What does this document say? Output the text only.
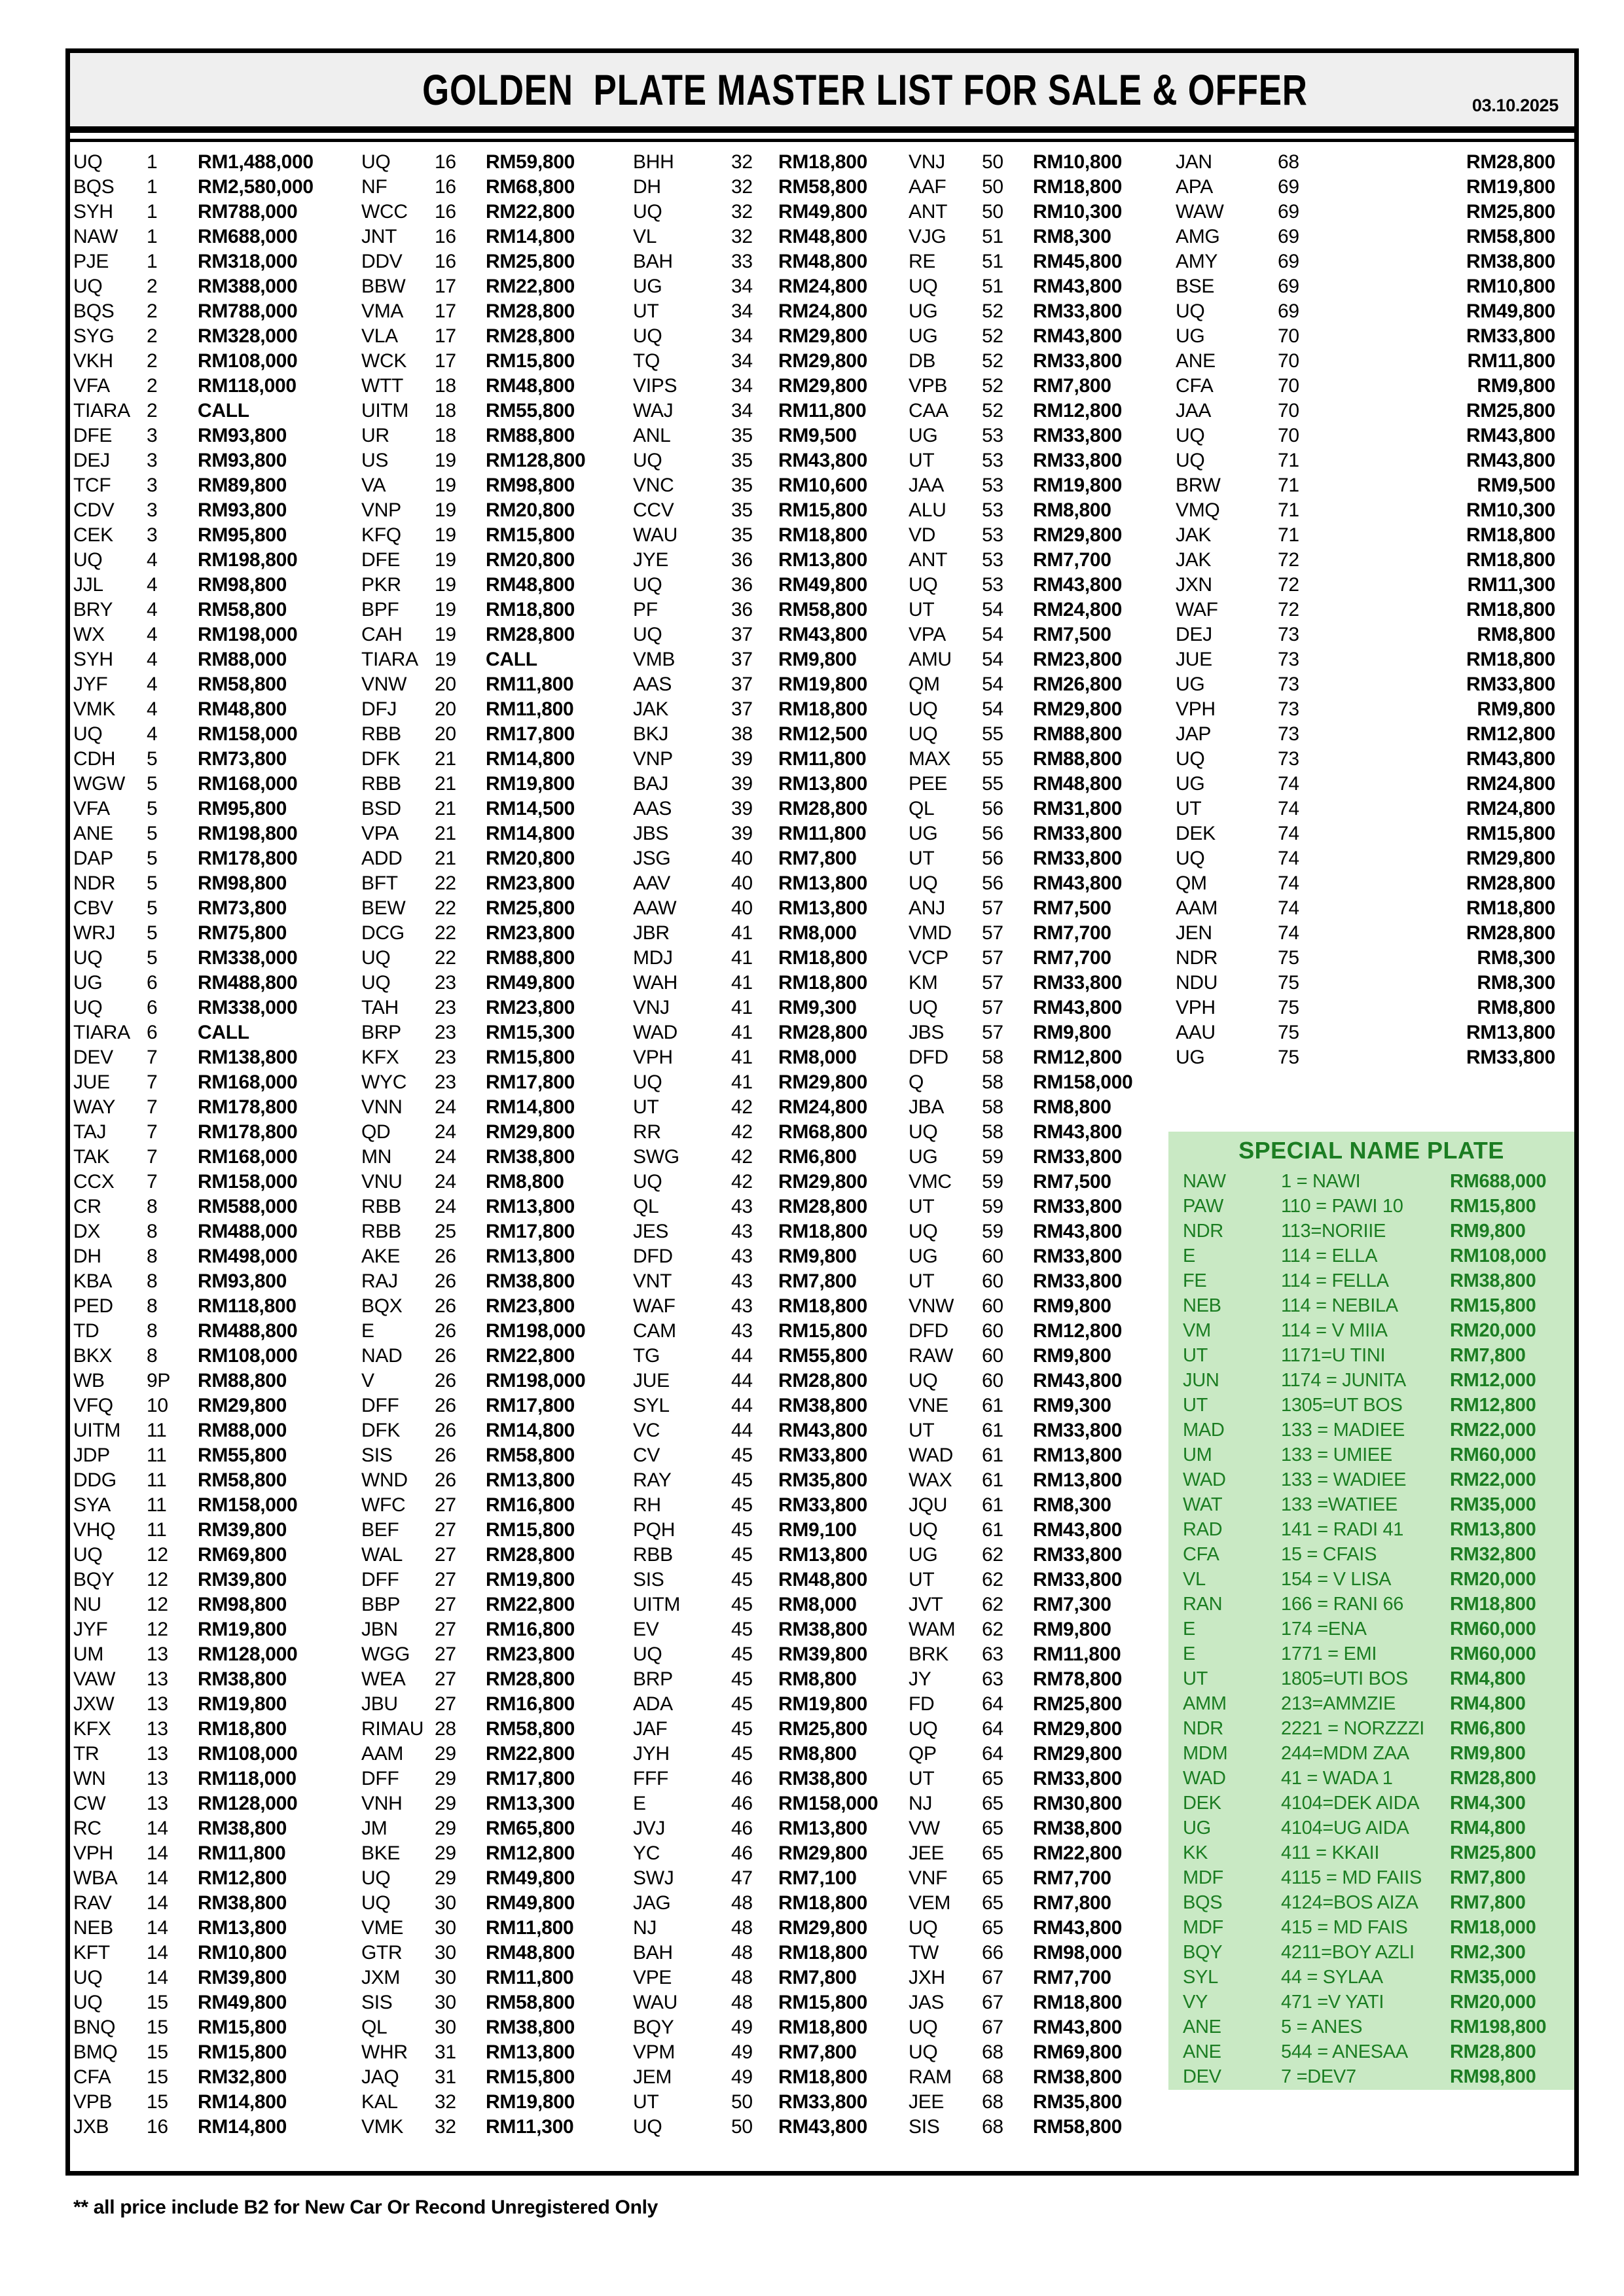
GOLDEN  PLATE MASTER LIST FOR SALE & OFFER	03.10.2025
SPECIAL NAME PLATE
NAW	1 = NAWI	RM688,000
PAW	110 = PAWI 10	RM15,800
NDR	113=NORIIE	RM9,800
E	114 = ELLA	RM108,000
FE	114 = FELLA	RM38,800
NEB	114 = NEBILA	RM15,800
VM	114 = V MIIA	RM20,000
UT	1171=U TINI	RM7,800
JUN	1174 = JUNITA	RM12,000
UT	1305=UT BOS	RM12,800
MAD	133 = MADIEE	RM22,000
UM	133 = UMIEE	RM60,000
WAD	133 = WADIEE	RM22,000
WAT	133 =WATIEE	RM35,000
RAD	141 = RADI 41	RM13,800
CFA	15 = CFAIS	RM32,800
VL	154 = V LISA	RM20,000
RAN	166 = RANI 66	RM18,800
E	174 =ENA	RM60,000
E	1771 = EMI	RM60,000
UT	1805=UTI BOS	RM4,800
AMM	213=AMMZIE	RM4,800
NDR	2221 = NORZZZI	RM6,800
MDM	244=MDM ZAA	RM9,800
WAD	41 = WADA 1	RM28,800
DEK	4104=DEK AIDA	RM4,300
UG	4104=UG AIDA	RM4,800
KK	411 = KKAII	RM25,800
MDF	4115 = MD FAIIS	RM7,800
BQS	4124=BOS AIZA	RM7,800
MDF	415 = MD FAIS	RM18,000
BQY	4211=BOY AZLI	RM2,300
SYL	44 = SYLAA	RM35,000
VY	471 =V YATI	RM20,000
ANE	5 = ANES	RM198,800
ANE	544 = ANESAA	RM28,800
DEV	7 =DEV7	RM98,800
UQ	1	RM1,488,000
BQS	1	RM2,580,000
SYH	1	RM788,000
NAW	1	RM688,000
PJE	1	RM318,000
UQ	2	RM388,000
BQS	2	RM788,000
SYG	2	RM328,000
VKH	2	RM108,000
VFA	2	RM118,000
TIARA 2	CALL
DFE	3	RM93,800
DEJ	3	RM93,800
TCF	3	RM89,800
CDV	3	RM93,800
CEK	3	RM95,800
UQ	4	RM198,800
JJL	4	RM98,800
BRY	4	RM58,800
WX	4	RM198,000
SYH	4	RM88,000
JYF	4	RM58,800
VMK	4	RM48,800
UQ	4	RM158,000
CDH	5	RM73,800
WGW	5	RM168,000
VFA	5	RM95,800
ANE	5	RM198,800
DAP	5	RM178,800
NDR	5	RM98,800
CBV	5	RM73,800
WRJ	5	RM75,800
UQ	5	RM338,000
UG	6	RM488,800
UQ	6	RM338,000
TIARA 6	CALL
DEV	7	RM138,800
JUE	7	RM168,000
WAY	7	RM178,800
TAJ	7	RM178,800
TAK	7	RM168,000
CCX	7	RM158,000
CR	8	RM588,000
DX	8	RM488,000
DH	8	RM498,000
KBA	8	RM93,800
PED	8	RM118,800
TD	8	RM488,800
BKX	8	RM108,000
WB	9P	RM88,800
VFQ	10	RM29,800
UITM	11	RM88,000
JDP	11	RM55,800
DDG	11	RM58,800
SYA	11	RM158,000
VHQ	11	RM39,800
UQ	12	RM69,800
BQY	12	RM39,800
NU	12	RM98,800
JYF	12	RM19,800
UM	13	RM128,000
VAW	13	RM38,800
JXW	13	RM19,800
KFX	13	RM18,800
TR	13	RM108,000
WN	13	RM118,000
CW	13	RM128,000
RC	14	RM38,800
VPH	14	RM11,800
WBA	14	RM12,800
RAV	14	RM38,800
NEB	14	RM13,800
KFT	14	RM10,800
UQ	14	RM39,800
UQ	15	RM49,800
BNQ	15	RM15,800
BMQ	15	RM15,800
CFA	15	RM32,800
VPB	15	RM14,800
JXB	16	RM14,800
UQ	16	RM59,800
NF	16	RM68,800
WCC	16	RM22,800
JNT	16	RM14,800
DDV	16	RM25,800
BBW	17	RM22,800
VMA	17	RM28,800
VLA	17	RM28,800
WCK	17	RM15,800
WTT	18	RM48,800
UITM	18	RM55,800
UR	18	RM88,800
US	19	RM128,800
VA	19	RM98,800
VNP	19	RM20,800
KFQ	19	RM15,800
DFE	19	RM20,800
PKR	19	RM48,800
BPF	19	RM18,800
CAH	19	RM28,800
TIARA 19	CALL
VNW	20	RM11,800
DFJ	20	RM11,800
RBB	20	RM17,800
DFK	21	RM14,800
RBB	21	RM19,800
BSD	21	RM14,500
VPA	21	RM14,800
ADD	21	RM20,800
BFT	22	RM23,800
BEW	22	RM25,800
DCG	22	RM23,800
UQ	22	RM88,800
UQ	23	RM49,800
TAH	23	RM23,800
BRP	23	RM15,300
KFX	23	RM15,800
WYC	23	RM17,800
VNN	24	RM14,800
QD	24	RM29,800
MN	24	RM38,800
VNU	24	RM8,800
RBB	24	RM13,800
RBB	25	RM17,800
AKE	26	RM13,800
RAJ	26	RM38,800
BQX	26	RM23,800
E	26	RM198,000
NAD	26	RM22,800
V	26	RM198,000
DFF	26	RM17,800
DFK	26	RM14,800
SIS	26	RM58,800
WND	26	RM13,800
WFC	27	RM16,800
BEF	27	RM15,800
WAL	27	RM28,800
DFF	27	RM19,800
BBP	27	RM22,800
JBN	27	RM16,800
WGG	27	RM23,800
WEA	27	RM28,800
JBU	27	RM16,800
RIMAU 28	RM58,800
AAM	29	RM22,800
DFF	29	RM17,800
VNH	29	RM13,300
JM	29	RM65,800
BKE	29	RM12,800
UQ	29	RM49,800
UQ	30	RM49,800
VME	30	RM11,800
GTR	30	RM48,800
JXM	30	RM11,800
SIS	30	RM58,800
QL	30	RM38,800
WHR	31	RM13,800
JAQ	31	RM15,800
KAL	32	RM19,800
VMK	32	RM11,300
BHH	32	RM18,800
DH	32	RM58,800
UQ	32	RM49,800
VL	32	RM48,800
BAH	33	RM48,800
UG	34	RM24,800
UT	34	RM24,800
UQ	34	RM29,800
TQ	34	RM29,800
VIPS	34	RM29,800
WAJ	34	RM11,800
ANL	35	RM9,500
UQ	35	RM43,800
VNC	35	RM10,600
CCV	35	RM15,800
WAU	35	RM18,800
JYE	36	RM13,800
UQ	36	RM49,800
PF	36	RM58,800
UQ	37	RM43,800
VMB	37	RM9,800
AAS	37	RM19,800
JAK	37	RM18,800
BKJ	38	RM12,500
VNP	39	RM11,800
BAJ	39	RM13,800
AAS	39	RM28,800
JBS	39	RM11,800
JSG	40	RM7,800
AAV	40	RM13,800
AAW	40	RM13,800
JBR	41	RM8,000
MDJ	41	RM18,800
WAH	41	RM18,800
VNJ	41	RM9,300
WAD	41	RM28,800
VPH	41	RM8,000
UQ	41	RM29,800
UT	42	RM24,800
RR	42	RM68,800
SWG	42	RM6,800
UQ	42	RM29,800
QL	43	RM28,800
JES	43	RM18,800
DFD	43	RM9,800
VNT	43	RM7,800
WAF	43	RM18,800
CAM	43	RM15,800
TG	44	RM55,800
JUE	44	RM28,800
SYL	44	RM38,800
VC	44	RM43,800
CV	45	RM33,800
RAY	45	RM35,800
RH	45	RM33,800
PQH	45	RM9,100
RBB	45	RM13,800
SIS	45	RM48,800
UITM	45	RM8,000
EV	45	RM38,800
UQ	45	RM39,800
BRP	45	RM8,800
ADA	45	RM19,800
JAF	45	RM25,800
JYH	45	RM8,800
FFF	46	RM38,800
E	46	RM158,000
JVJ	46	RM13,800
YC	46	RM29,800
SWJ	47	RM7,100
JAG	48	RM18,800
NJ	48	RM29,800
BAH	48	RM18,800
VPE	48	RM7,800
WAU	48	RM15,800
BQY	49	RM18,800
VPM	49	RM7,800
JEM	49	RM18,800
UT	50	RM33,800
UQ	50	RM43,800
VNJ	50	RM10,800
AAF	50	RM18,800
ANT	50	RM10,300
VJG	51	RM8,300
RE	51	RM45,800
UQ	51	RM43,800
UG	52	RM33,800
UG	52	RM43,800
DB	52	RM33,800
VPB	52	RM7,800
CAA	52	RM12,800
UG	53	RM33,800
UT	53	RM33,800
JAA	53	RM19,800
ALU	53	RM8,800
VD	53	RM29,800
ANT	53	RM7,700
UQ	53	RM43,800
UT	54	RM24,800
VPA	54	RM7,500
AMU	54	RM23,800
QM	54	RM26,800
UQ	54	RM29,800
UQ	55	RM88,800
MAX	55	RM88,800
PEE	55	RM48,800
QL	56	RM31,800
UG	56	RM33,800
UT	56	RM33,800
UQ	56	RM43,800
ANJ	57	RM7,500
VMD	57	RM7,700
VCP	57	RM7,700
KM	57	RM33,800
UQ	57	RM43,800
JBS	57	RM9,800
DFD	58	RM12,800
Q	58	RM158,000
JBA	58	RM8,800
UQ	58	RM43,800
UG	59	RM33,800
VMC	59	RM7,500
UT	59	RM33,800
UQ	59	RM43,800
UG	60	RM33,800
UT	60	RM33,800
VNW	60	RM9,800
DFD	60	RM12,800
RAW	60	RM9,800
UQ	60	RM43,800
VNE	61	RM9,300
UT	61	RM33,800
WAD	61	RM13,800
WAX	61	RM13,800
JQU	61	RM8,300
UQ	61	RM43,800
UG	62	RM33,800
UT	62	RM33,800
JVT	62	RM7,300
WAM	62	RM9,800
BRK	63	RM11,800
JY	63	RM78,800
FD	64	RM25,800
UQ	64	RM29,800
QP	64	RM29,800
UT	65	RM33,800
NJ	65	RM30,800
VW	65	RM38,800
JEE	65	RM22,800
VNF	65	RM7,700
VEM	65	RM7,800
UQ	65	RM43,800
TW	66	RM98,000
JXH	67	RM7,700
JAS	67	RM18,800
UQ	67	RM43,800
UQ	68	RM69,800
RAM	68	RM38,800
JEE	68	RM35,800
SIS	68	RM58,800
JAN	68	RM28,800
APA	69	RM19,800
WAW	69	RM25,800
AMG	69	RM58,800
AMY	69	RM38,800
BSE	69	RM10,800
UQ	69	RM49,800
UG	70	RM33,800
ANE	70	RM11,800
CFA	70	RM9,800
JAA	70	RM25,800
UQ	70	RM43,800
UQ	71	RM43,800
BRW	71	RM9,500
VMQ	71	RM10,300
JAK	71	RM18,800
JAK	72	RM18,800
JXN	72	RM11,300
WAF	72	RM18,800
DEJ	73	RM8,800
JUE	73	RM18,800
UG	73	RM33,800
VPH	73	RM9,800
JAP	73	RM12,800
UQ	73	RM43,800
UG	74	RM24,800
UT	74	RM24,800
DEK	74	RM15,800
UQ	74	RM29,800
QM	74	RM28,800
AAM	74	RM18,800
JEN	74	RM28,800
NDR	75	RM8,300
NDU	75	RM8,300
VPH	75	RM8,800
AAU	75	RM13,800
UG	75	RM33,800
** all price include B2 for New Car Or Recond Unregistered Only
